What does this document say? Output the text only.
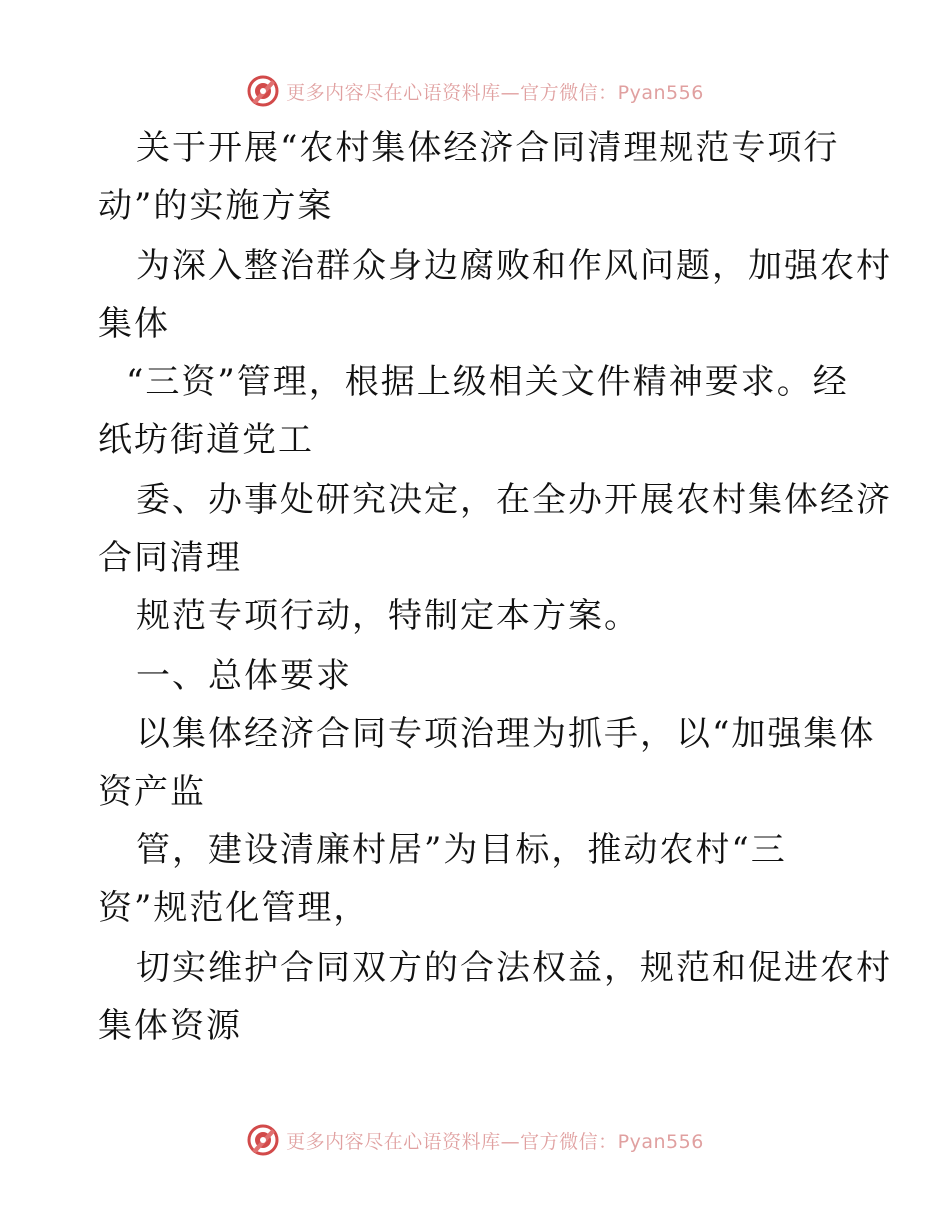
更多内容尽在心语资料库—官方微信：Pyan556
关于开展“农村集体经济合同清理规范专项行
动”的实施方案
为深入整治群众身边腐败和作风问题，加强农村
集体
“三资”管理，根据上级相关文件精神要求。经
纸坊街道党工
委、办事处研究决定，在全办开展农村集体经济
合同清理
规范专项行动，特制定本方案。
一、总体要求
以集体经济合同专项治理为抓手，以“加强集体
资产监
管，建设清廉村居”为目标，推动农村“三
资”规范化管理，
切实维护合同双方的合法权益，规范和促进农村
集体资源
更多内容尽在心语资料库—官方微信：Pyan556
